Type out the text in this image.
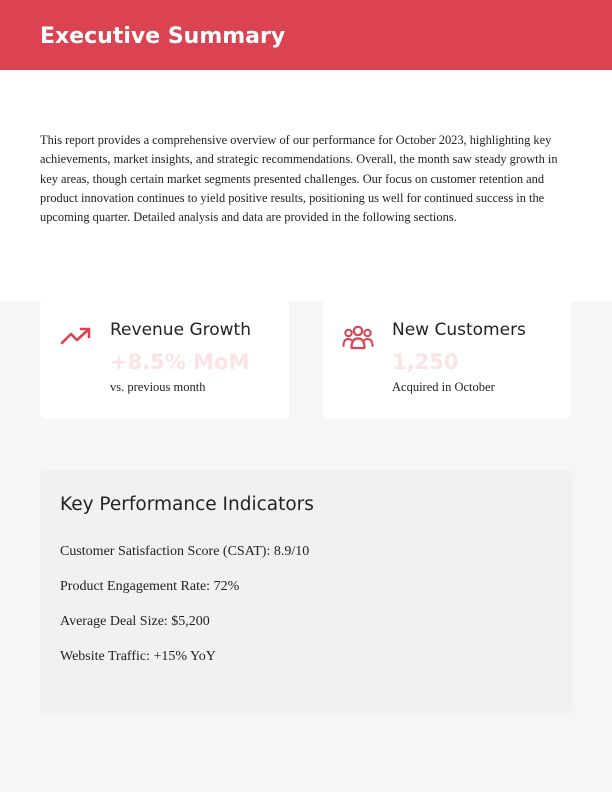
Executive Summary

This report provides a comprehensive overview of our performance for October 2023, highlighting key achievements, market insights, and strategic recommendations. Overall, the month saw steady growth in key areas, though certain market segments presented challenges. Our focus on customer retention and product innovation continues to yield positive results, positioning us well for continued success in the upcoming quarter. Detailed analysis and data are provided in the following sections.

Revenue Growth
+8.5% MoM
vs. previous month
New Customers
1,250
Acquired in October
Key Performance Indicators
Customer Satisfaction Score (CSAT): 8.9/10
Product Engagement Rate: 72%
Average Deal Size: $5,200
Website Traffic: +15% YoY
